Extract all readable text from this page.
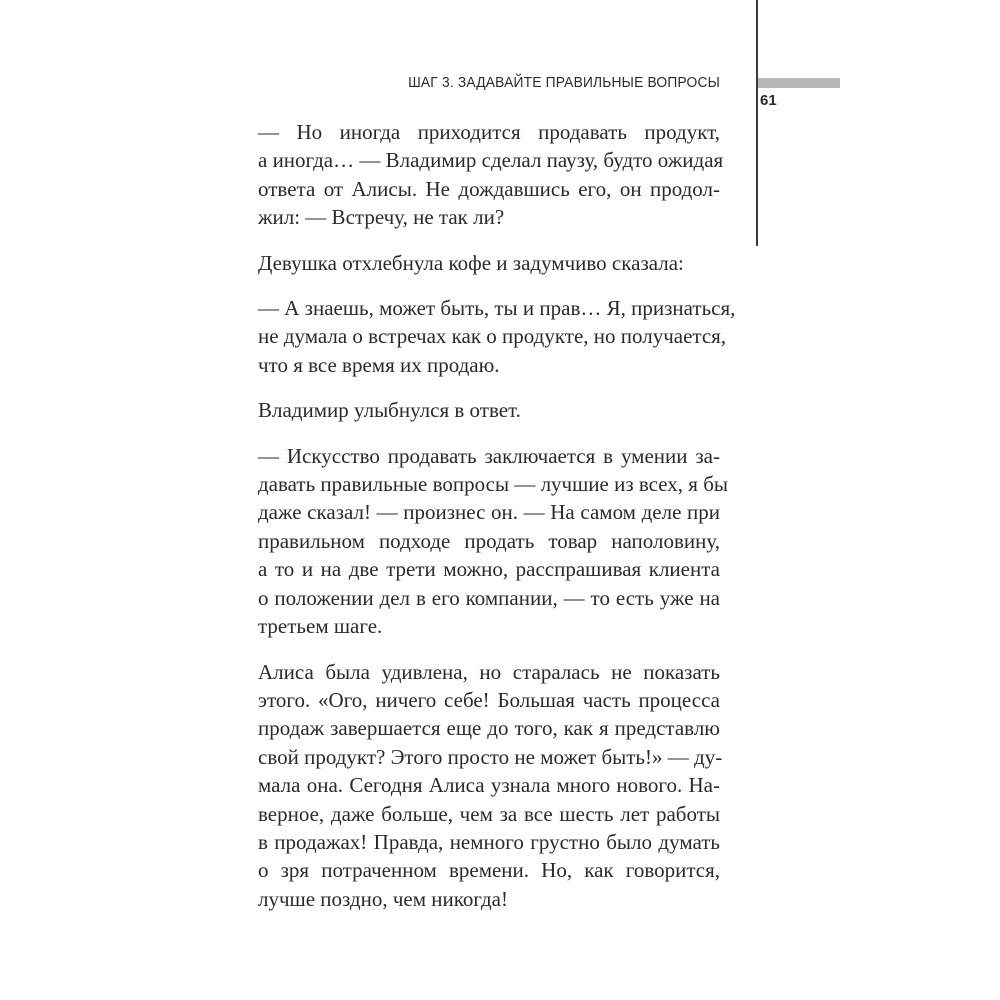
ШАГ 3. ЗАДАВАЙТЕ ПРАВИЛЬНЫЕ ВОПРОСЫ
61
— Но иногда приходится продавать продукт,
а иногда… — Владимир сделал паузу, будто ожидая
ответа от Алисы. Не дождавшись его, он продол-
жил: — Встречу, не так ли?
Девушка отхлебнула кофе и задумчиво сказала:
— А знаешь, может быть, ты и прав… Я, признаться,
не думала о встречах как о продукте, но получается,
что я все время их продаю.
Владимир улыбнулся в ответ.
— Искусство продавать заключается в умении за-
давать правильные вопросы — лучшие из всех, я бы
даже сказал! — произнес он. — На самом деле при
правильном подходе продать товар наполовину,
а то и на две трети можно, расспрашивая клиента
о положении дел в его компании, — то есть уже на
третьем шаге.
Алиса была удивлена, но старалась не показать
этого. «Ого, ничего себе! Большая часть процесса
продаж завершается еще до того, как я представлю
свой продукт? Этого просто не может быть!» — ду-
мала она. Сегодня Алиса узнала много нового. На-
верное, даже больше, чем за все шесть лет работы
в продажах! Правда, немного грустно было думать
о зря потраченном времени. Но, как говорится,
лучше поздно, чем никогда!
